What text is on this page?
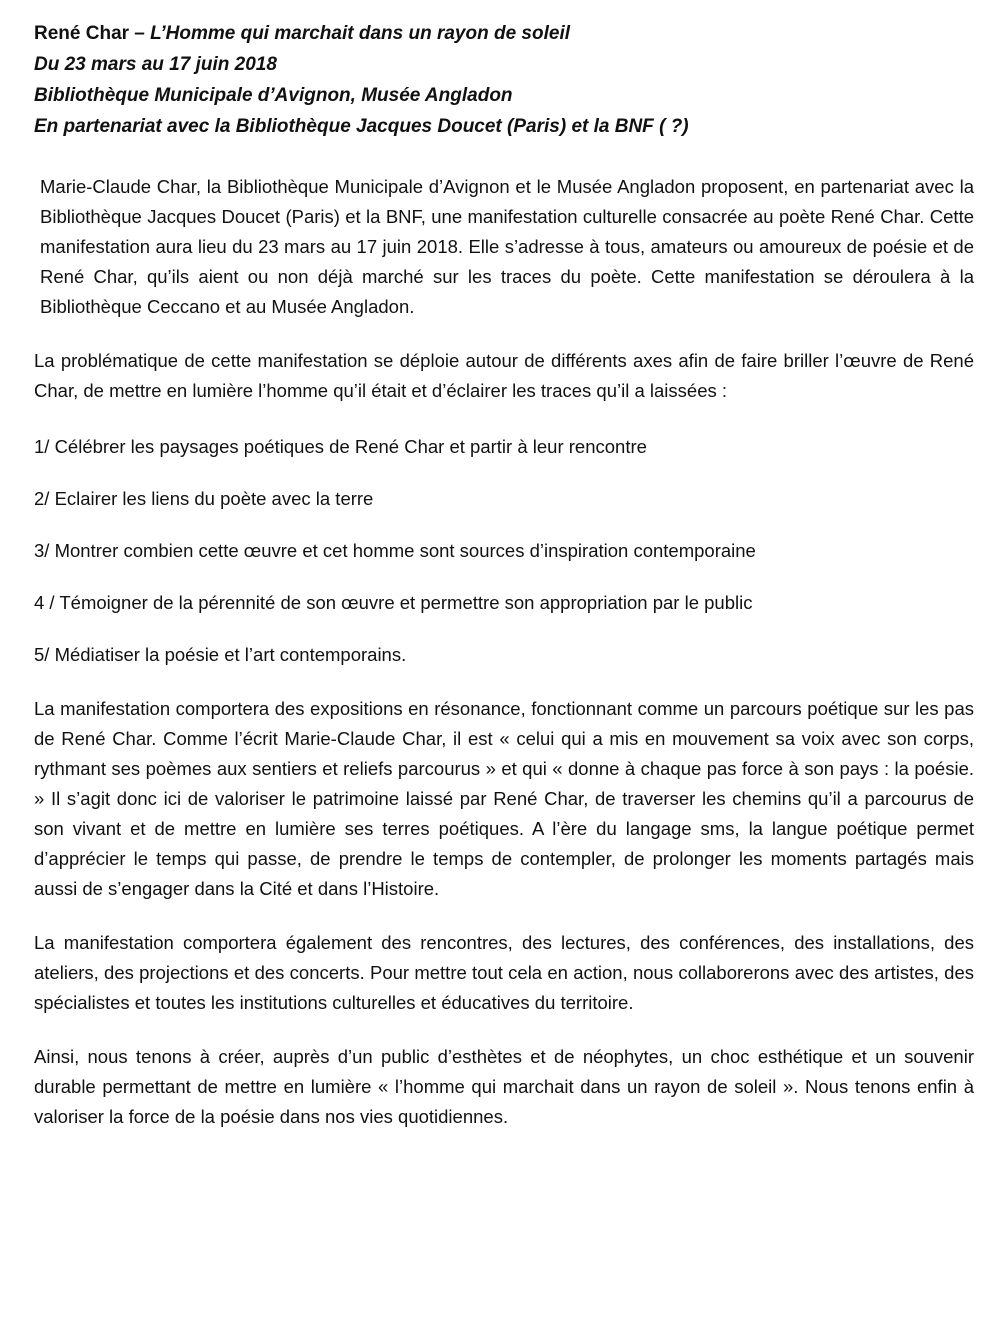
René Char – L’Homme qui marchait dans un rayon de soleil

Du 23 mars au 17 juin 2018

Bibliothèque Municipale d’Avignon, Musée Angladon

En partenariat avec la Bibliothèque Jacques Doucet (Paris) et la BNF ( ?)

Marie-Claude Char, la Bibliothèque Municipale d’Avignon et le Musée Angladon proposent, en partenariat avec la Bibliothèque Jacques Doucet (Paris) et la BNF, une manifestation culturelle consacrée au poète René Char. Cette manifestation aura lieu du 23 mars au 17 juin 2018. Elle s’adresse à tous, amateurs ou amoureux de poésie et de René Char, qu’ils aient ou non déjà marché sur les traces du poète. Cette manifestation se déroulera à la Bibliothèque Ceccano et au Musée Angladon.

La problématique de cette manifestation se déploie autour de différents axes afin de faire briller l’œuvre de René Char, de mettre en lumière l’homme qu’il était et d’éclairer les traces qu’il a laissées :

1/ Célébrer les paysages poétiques de René Char et partir à leur rencontre

2/ Eclairer les liens du poète avec la terre

3/ Montrer combien cette œuvre et cet homme sont sources d’inspiration contemporaine

4 / Témoigner de la pérennité de son œuvre et permettre son appropriation par le public

5/ Médiatiser la poésie et l’art contemporains.

La manifestation comportera des expositions en résonance, fonctionnant comme un parcours poétique sur les pas de René Char. Comme l’écrit Marie-Claude Char, il est « celui qui a mis en mouvement sa voix avec son corps, rythmant ses poèmes aux sentiers et reliefs parcourus » et qui « donne à chaque pas force à son pays : la poésie. » Il s’agit donc ici de valoriser le patrimoine laissé par René Char, de traverser les chemins qu’il a parcourus de son vivant et de mettre en lumière ses terres poétiques. A l’ère du langage sms, la langue poétique permet d’apprécier le temps qui passe, de prendre le temps de contempler, de prolonger les moments partagés mais aussi de s’engager dans la Cité et dans l’Histoire.

La manifestation comportera également des rencontres, des lectures, des conférences, des installations, des ateliers, des projections et des concerts. Pour mettre tout cela en action, nous collaborerons avec des artistes, des spécialistes et toutes les institutions culturelles et éducatives du territoire.

Ainsi, nous tenons à créer, auprès d’un public d’esthètes et de néophytes, un choc esthétique et un souvenir durable permettant de mettre en lumière « l’homme qui marchait dans un rayon de soleil ». Nous tenons enfin à valoriser la force de la poésie dans nos vies quotidiennes.
